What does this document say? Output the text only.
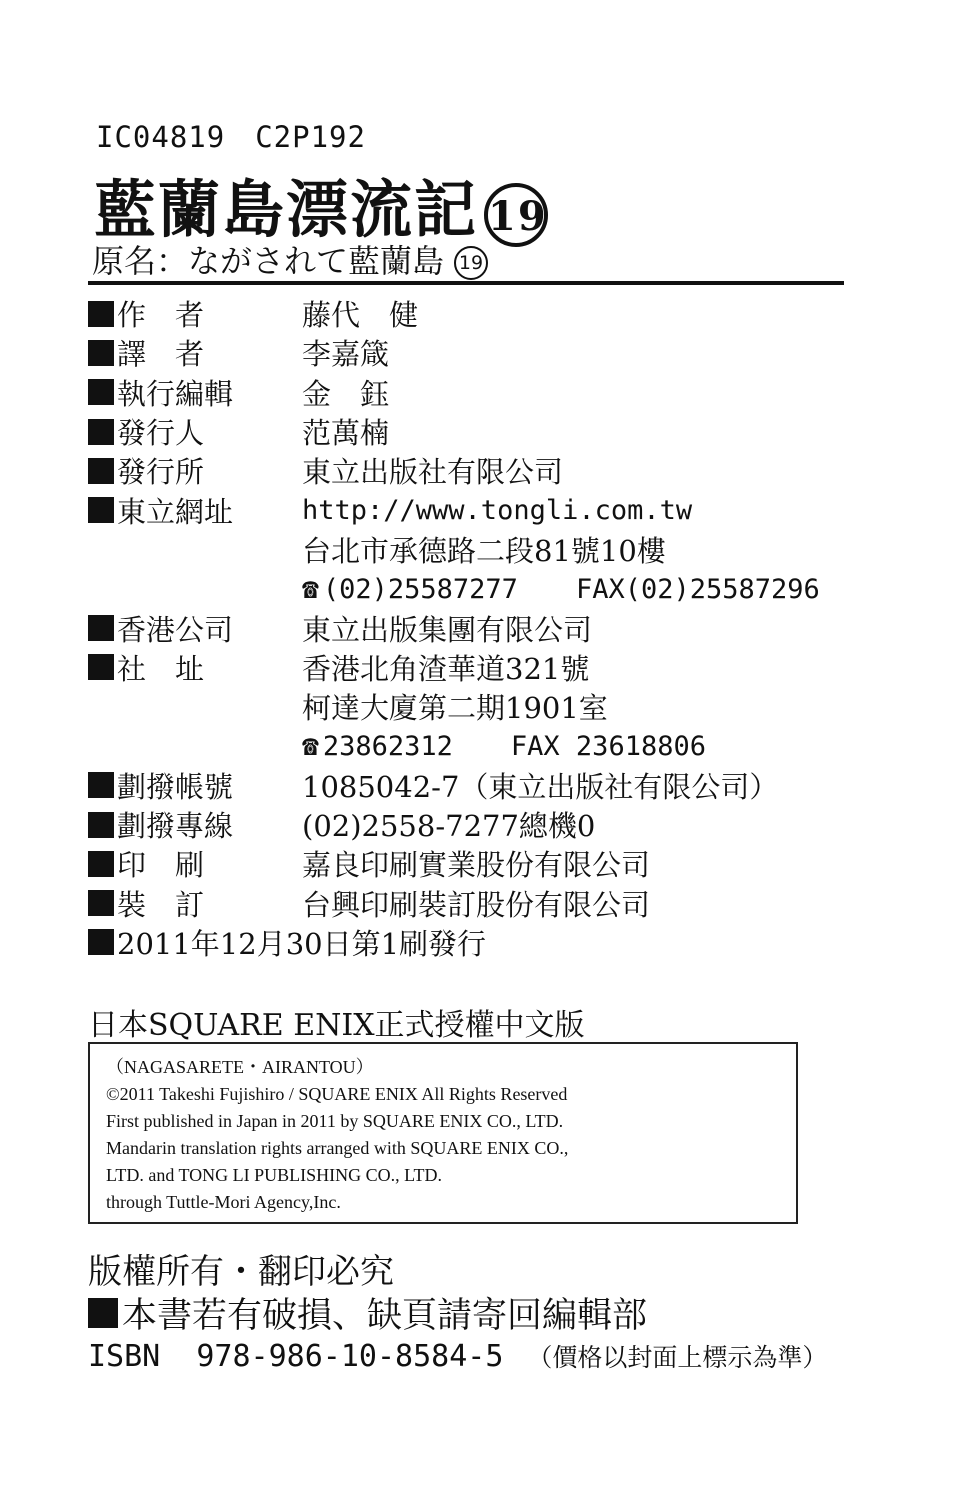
IC04819 C2P192
藍蘭島漂流記 19
原名：ながされて藍蘭島 19
作　者	藤代　健
譯　者	李嘉箴
執行編輯	金　鈺
發行人	范萬楠
發行所	東立出版社有限公司
東立網址	http://www.tongli.com.tw
台北市承德路二段81號10樓
☎ (02)25587277 FAX(02)25587296
香港公司	東立出版集團有限公司
社　址	香港北角渣華道321號
柯達大廈第二期1901室
☎ 23862312 FAX 23618806
劃撥帳號	1085042-7（東立出版社有限公司）
劃撥專線	(02)2558-7277總機0
印　刷	嘉良印刷實業股份有限公司
裝　訂	台興印刷裝訂股份有限公司
2011年12月30日第1刷發行
日本SQUARE ENIX正式授權中文版
（NAGASARETE・AIRANTOU）
©2011 Takeshi Fujishiro / SQUARE ENIX All Rights Reserved
First published in Japan in 2011 by SQUARE ENIX CO., LTD.
Mandarin translation rights arranged with SQUARE ENIX CO.,
LTD. and TONG LI PUBLISHING CO., LTD.
through Tuttle-Mori Agency,Inc.
版權所有・翻印必究
本書若有破損、缺頁請寄回編輯部
ISBN  978-986-10-8584-5 （價格以封面上標示為準）
